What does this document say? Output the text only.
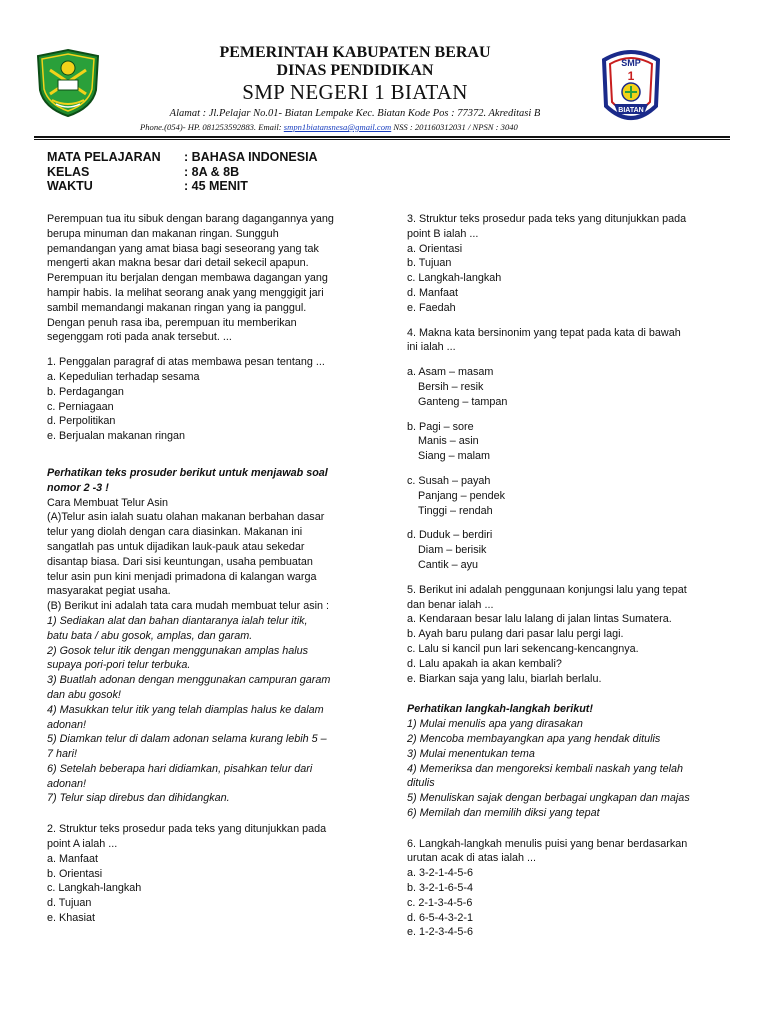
PEMERINTAH KABUPATEN BERAU
DINAS PENDIDIKAN
SMP NEGERI 1 BIATAN
Alamat : Jl.Pelajar No.01- Biatan Lempake Kec. Biatan Kode Pos : 77372. Akreditasi B
Phone.(054)- HP. 081253592883. Email: smpn1biatansnesa@gmail.com NSS : 201160312031 / NPSN : 3040
SMP
1
BIATAN
MATA PELAJARAN	: BAHASA INDONESIA
KELAS	: 8A & 8B
WAKTU	: 45 MENIT

Perempuan tua itu sibuk dengan barang dagangannya yang

berupa minuman dan makanan ringan. Sungguh

pemandangan yang amat biasa bagi seseorang yang tak

mengerti akan makna besar dari detail sekecil apapun.

Perempuan itu berjalan dengan membawa dagangan yang

hampir habis. Ia melihat seorang anak yang menggigit jari

sambil memandangi makanan ringan yang ia panggul.

Dengan penuh rasa iba, perempuan itu memberikan

segenggam roti pada anak tersebut. ...

1. Penggalan paragraf di atas membawa pesan tentang ...

a. Kepedulian terhadap sesama

b. Perdagangan

c. Perniagaan

d. Perpolitikan

e. Berjualan makanan ringan

Perhatikan teks prosuder berikut untuk menjawab soal

nomor 2 -3 !

Cara Membuat Telur Asin

(A)Telur asin ialah suatu olahan makanan berbahan dasar

telur yang diolah dengan cara diasinkan. Makanan ini

sangatlah pas untuk dijadikan lauk-pauk atau sekedar

disantap biasa. Dari sisi keuntungan, usaha pembuatan

telur asin pun kini menjadi primadona di kalangan warga

masyarakat pegiat usaha.

(B) Berikut ini adalah tata cara mudah membuat telur asin :

1) Sediakan alat dan bahan diantaranya ialah telur itik,

batu bata / abu gosok, amplas, dan garam.

2) Gosok telur itik dengan menggunakan amplas halus

supaya pori-pori telur terbuka.

3) Buatlah adonan dengan menggunakan campuran garam

dan abu gosok!

4) Masukkan telur itik yang telah diamplas halus ke dalam

adonan!

5) Diamkan telur di dalam adonan selama kurang lebih 5 –

7 hari!

6) Setelah beberapa hari didiamkan, pisahkan telur dari

adonan!

7) Telur siap direbus dan dihidangkan.

2. Struktur teks prosedur pada teks yang ditunjukkan pada

point A ialah ...

a. Manfaat

b. Orientasi

c. Langkah-langkah

d. Tujuan

e. Khasiat

3. Struktur teks prosedur pada teks yang ditunjukkan pada

point B ialah ...

a. Orientasi

b. Tujuan

c. Langkah-langkah

d. Manfaat

e. Faedah

4. Makna kata bersinonim yang tepat pada kata di bawah

ini ialah ...

a. Asam – masam

Bersih – resik

Ganteng – tampan

b. Pagi – sore

Manis – asin

Siang – malam

c. Susah – payah

Panjang – pendek

Tinggi – rendah

d. Duduk – berdiri

Diam – berisik

Cantik – ayu

5. Berikut ini adalah penggunaan konjungsi lalu yang tepat

dan benar ialah ...

a. Kendaraan besar lalu lalang di jalan lintas Sumatera.

b. Ayah baru pulang dari pasar lalu pergi lagi.

c. Lalu si kancil pun lari sekencang-kencangnya.

d. Lalu apakah ia akan kembali?

e. Biarkan saja yang lalu, biarlah berlalu.

Perhatikan langkah-langkah berikut!

1) Mulai menulis apa yang dirasakan

2) Mencoba membayangkan apa yang hendak ditulis

3) Mulai menentukan tema

4) Memeriksa dan mengoreksi kembali naskah yang telah

ditulis

5) Menuliskan sajak dengan berbagai ungkapan dan majas

6) Memilah dan memilih diksi yang tepat

6. Langkah-langkah menulis puisi yang benar berdasarkan

urutan acak di atas ialah ...

a. 3-2-1-4-5-6

b. 3-2-1-6-5-4

c. 2-1-3-4-5-6

d. 6-5-4-3-2-1

e. 1-2-3-4-5-6
